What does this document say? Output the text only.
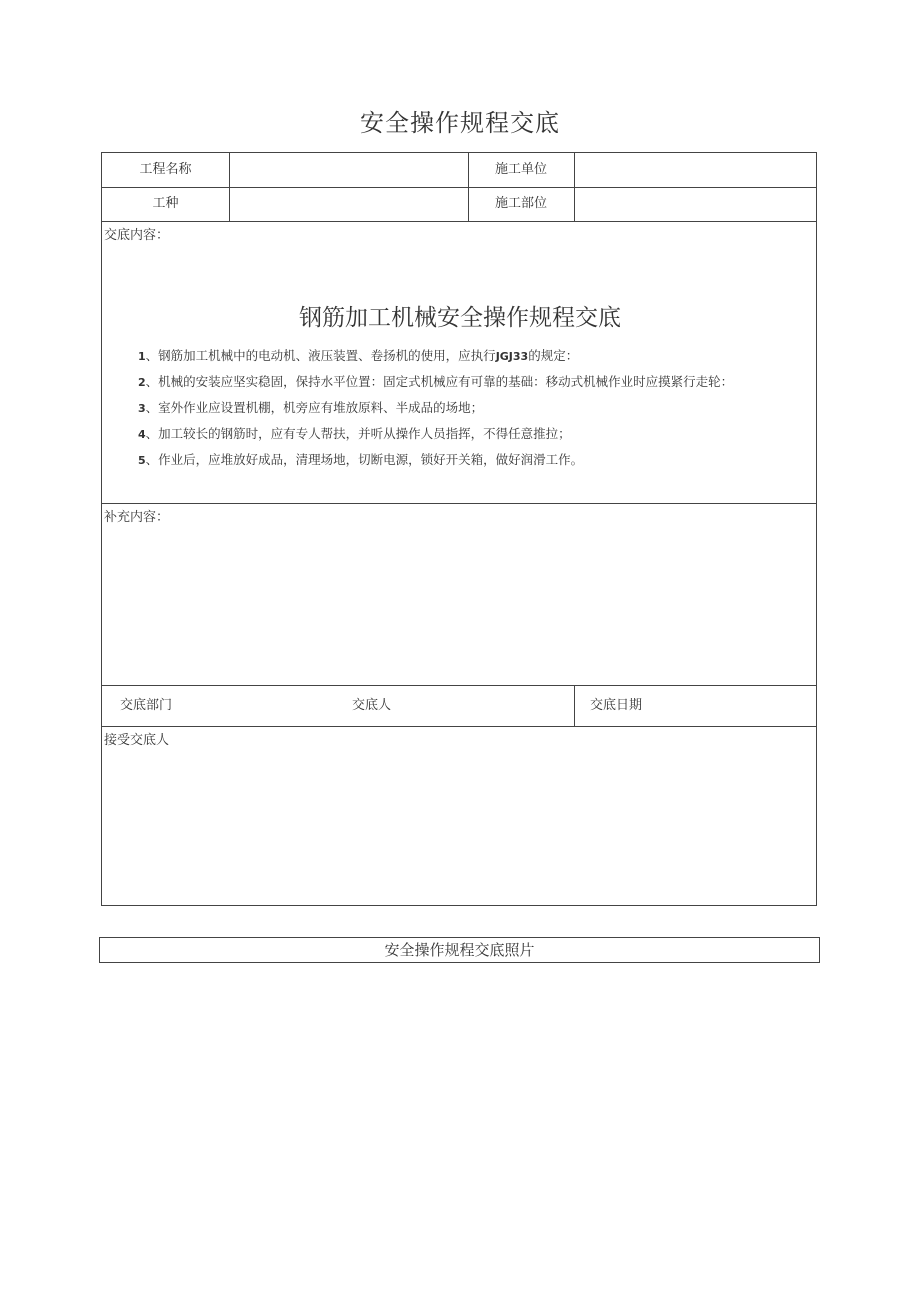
安全操作规程交底
工程名称	施工单位
工种	施工部位
交底内容：
钢筋加工机械安全操作规程交底
1、钢筋加工机械中的电动机、液压装置、卷扬机的使用，应执行JGJ33的规定：
2、机械的安装应坚实稳固，保持水平位置：固定式机械应有可靠的基础：移动式机械作业时应摸紧行走轮：
3、室外作业应设置机棚，机旁应有堆放原料、半成品的场地；
4、加工较长的钢筋时，应有专人帮扶，并听从操作人员指挥，不得任意推拉；
5、作业后，应堆放好成品，清理场地，切断电源，锁好开关箱，做好润滑工作。
补充内容：
交底部门	交底人	交底日期
接受交底人
安全操作规程交底照片
